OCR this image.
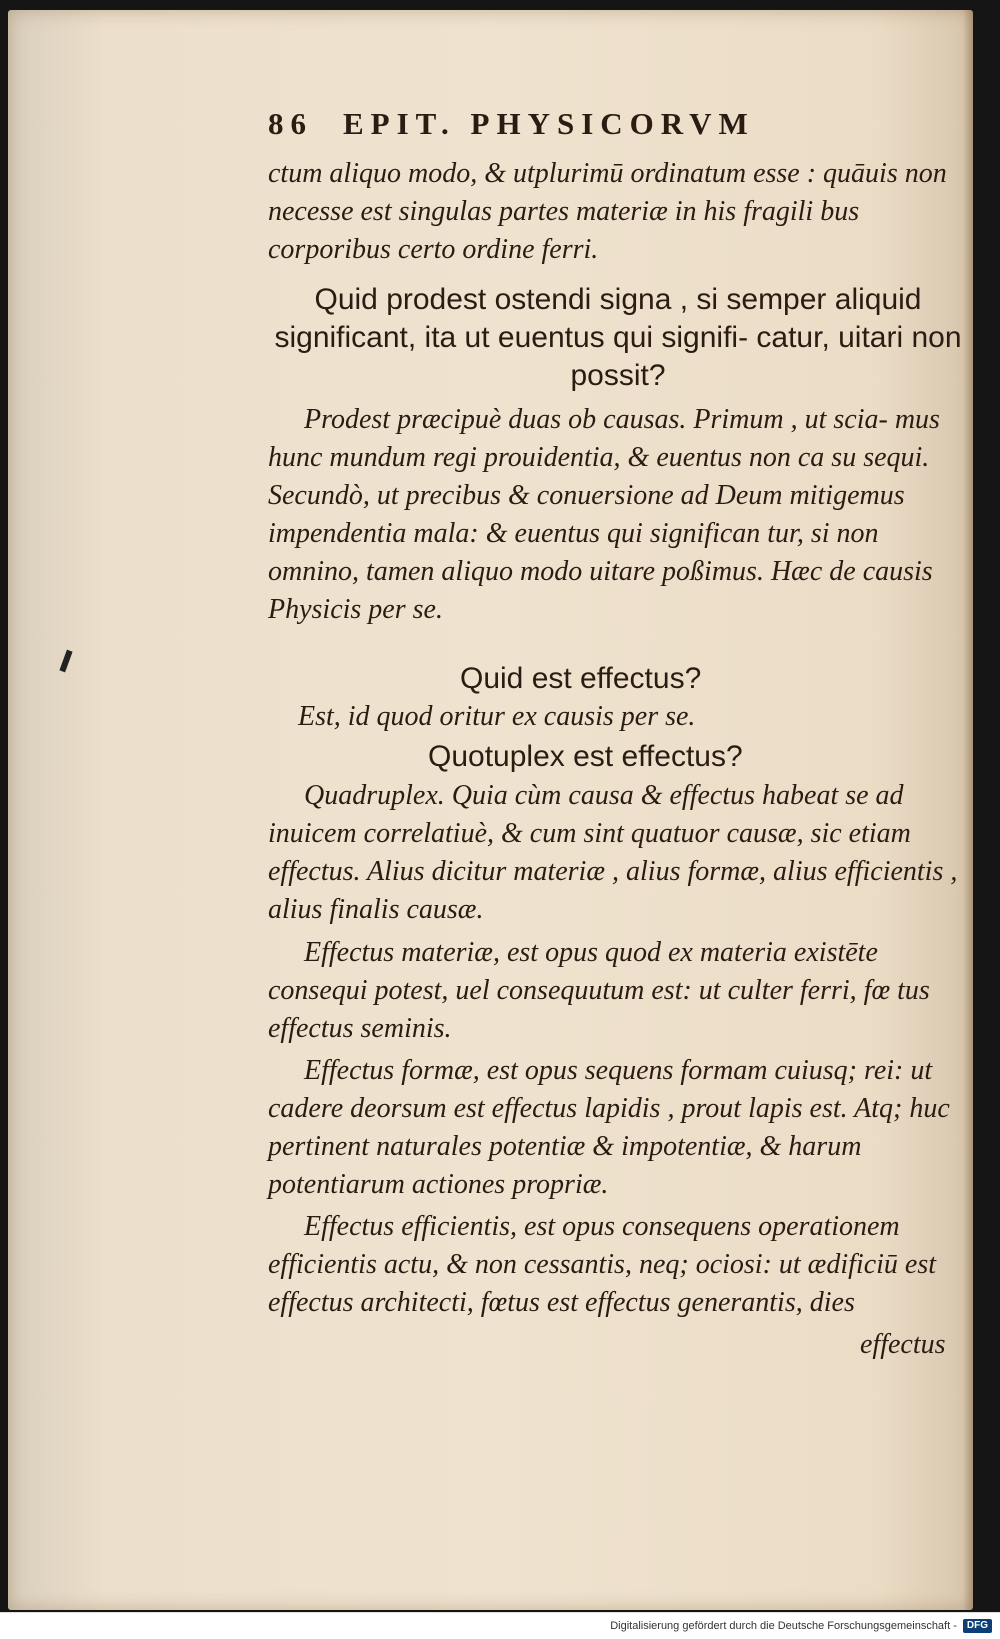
86 EPIT. PHYSICORVM
ctum aliquo modo, & utplurimū ordinatum esse : quāuis non necesse est singulas partes materiæ in his fragili bus corporibus certo ordine ferri.
Quid prodest ostendi signa , si semper aliquid significant, ita ut euentus qui signifi- catur, uitari non possit?
Prodest præcipuè duas ob causas. Primum , ut scia- mus hunc mundum regi prouidentia, & euentus non ca su sequi. Secundò, ut precibus & conuersione ad Deum mitigemus impendentia mala: & euentus qui significan tur, si non omnino, tamen aliquo modo uitare poßimus. Hæc de causis Physicis per se.
Quid est effectus?
Est, id quod oritur ex causis per se.
Quotuplex est effectus?
Quadruplex. Quia cùm causa & effectus habeat se ad inuicem correlatiuè, & cum sint quatuor causæ, sic etiam effectus. Alius dicitur materiæ , alius formæ, alius efficientis , alius finalis causæ.
Effectus materiæ, est opus quod ex materia existēte consequi potest, uel consequutum est: ut culter ferri, fœ tus effectus seminis.
Effectus formæ, est opus sequens formam cuiusq; rei: ut cadere deorsum est effectus lapidis , prout lapis est. Atq; huc pertinent naturales potentiæ & impotentiæ, & harum potentiarum actiones propriæ.
Effectus efficientis, est opus consequens operationem efficientis actu, & non cessantis, neq; ociosi: ut ædificiū est effectus architecti, fœtus est effectus generantis, dies
effectus
Digitalisierung gefördert durch die Deutsche Forschungsgemeinschaft -	DFG
